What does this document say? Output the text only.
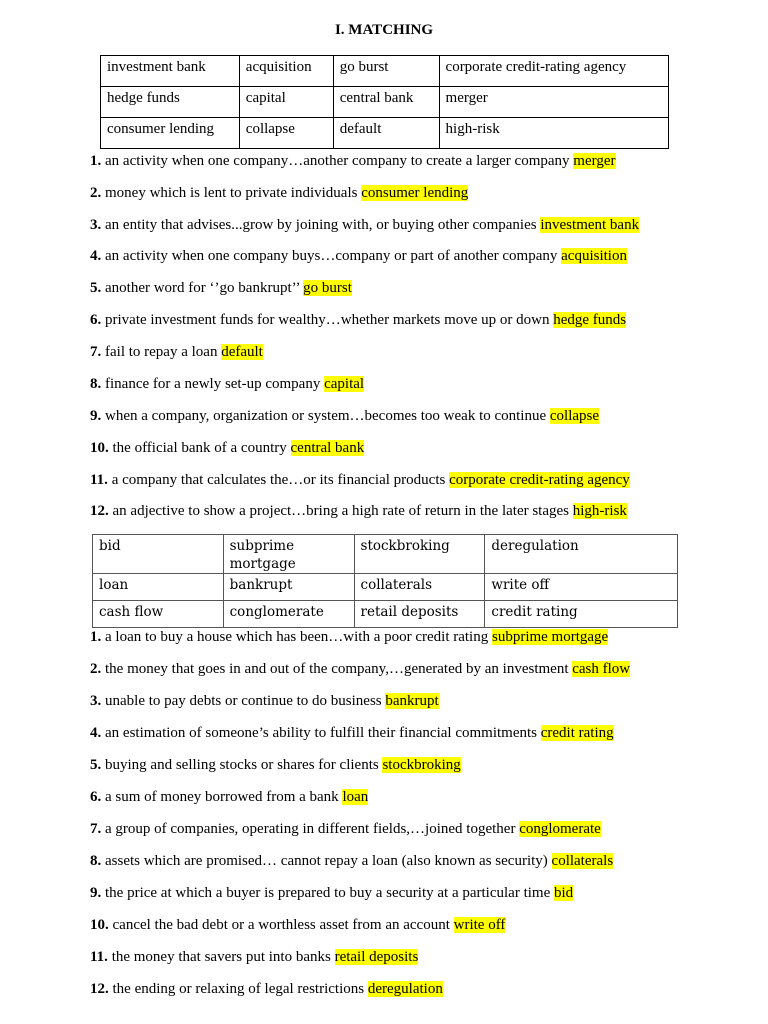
I. MATCHING
investment bank	acquisition	go burst	corporate credit-rating agency
hedge funds	capital	central bank	merger
consumer lending	collapse	default	high-risk
1. an activity when one company…another company to create a larger company merger
2. money which is lent to private individuals consumer lending
3. an entity that advises...grow by joining with, or buying other companies investment bank
4. an activity when one company buys…company or part of another company acquisition
5. another word for ‘’go bankrupt’’ go burst
6. private investment funds for wealthy…whether markets move up or down hedge funds
7. fail to repay a loan default
8. finance for a newly set-up company capital
9. when a company, organization or system…becomes too weak to continue collapse
10. the official bank of a country central bank
11. a company that calculates the…or its financial products corporate credit-rating agency
12. an adjective to show a project…bring a high rate of return in the later stages high-risk
bid	subprime mortgage	stockbroking	deregulation
loan	bankrupt	collaterals	write off
cash flow	conglomerate	retail deposits	credit rating
1. a loan to buy a house which has been…with a poor credit rating subprime mortgage
2. the money that goes in and out of the company,…generated by an investment cash flow
3. unable to pay debts or continue to do business bankrupt
4. an estimation of someone’s ability to fulfill their financial commitments credit rating
5. buying and selling stocks or shares for clients stockbroking
6. a sum of money borrowed from a bank loan
7. a group of companies, operating in different fields,…joined together conglomerate
8. assets which are promised… cannot repay a loan (also known as security) collaterals
9. the price at which a buyer is prepared to buy a security at a particular time bid
10. cancel the bad debt or a worthless asset from an account write off
11. the money that savers put into banks retail deposits
12. the ending or relaxing of legal restrictions deregulation
